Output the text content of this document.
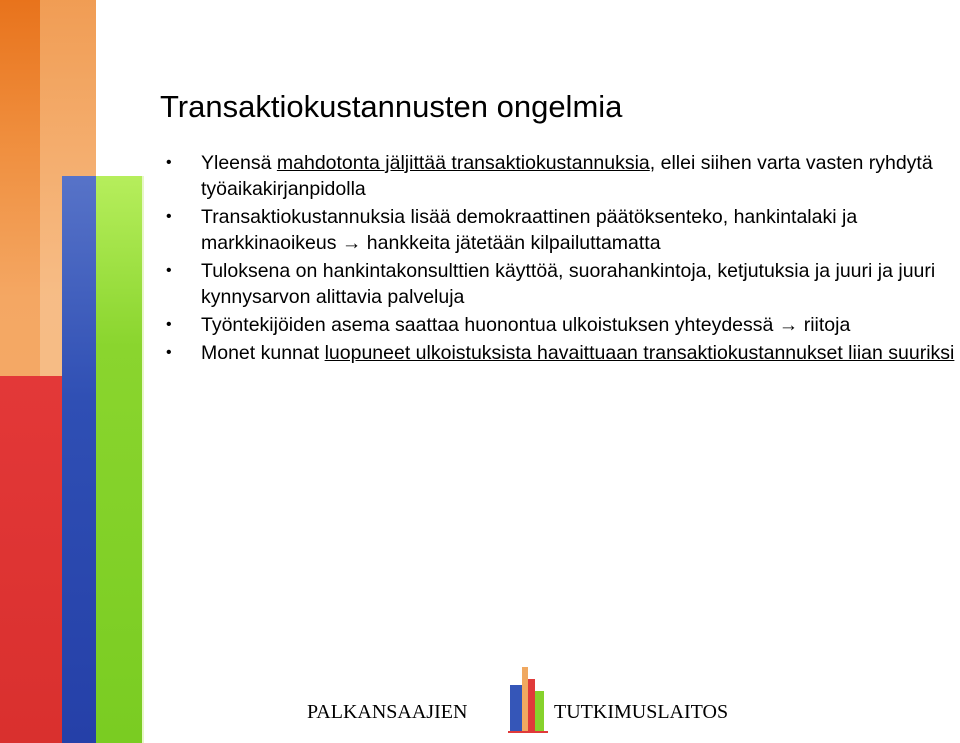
Transaktiokustannusten ongelmia
• Yleensä mahdotonta jäljittää transaktiokustannuksia, ellei siihen varta vasten ryhdytä työaikakirjanpidolla
• Transaktiokustannuksia lisää demokraattinen päätöksenteko, hankintalaki ja markkinaoikeus → hankkeita jätetään kilpailuttamatta
• Tuloksena on hankintakonsulttien käyttöä, suorahankintoja, ketjutuksia ja juuri ja juuri kynnysarvon alittavia palveluja
• Työntekijöiden asema saattaa huonontua ulkoistuksen yhteydessä → riitoja
• Monet kunnat luopuneet ulkoistuksista havaittuaan transaktiokustannukset liian suuriksi
PALKANSAAJIEN	TUTKIMUSLAITOS
